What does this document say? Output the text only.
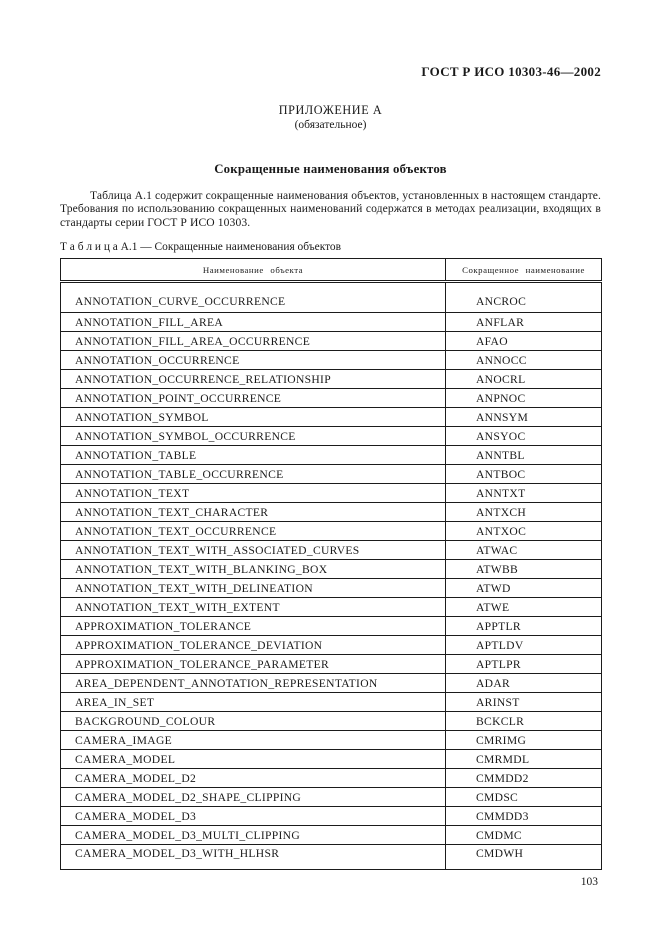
ГОСТ Р ИСО 10303-46—2002
ПРИЛОЖЕНИЕ А
(обязательное)
Сокращенные наименования объектов

Таблица А.1 содержит сокращенные наименования объектов, установленных в настоящем стандарте. Требования по использованию сокращенных наименований содержатся в методах реализации, входящих в стандарты серии ГОСТ Р ИСО 10303.

Т а б л и ц а А.1 — Сокращенные наименования объектов
Наименование объекта	Сокращенное наименование
ANNOTATION_CURVE_OCCURRENCE	ANCROC
ANNOTATION_FILL_AREA	ANFLAR
ANNOTATION_FILL_AREA_OCCURRENCE	AFAO
ANNOTATION_OCCURRENCE	ANNOCC
ANNOTATION_OCCURRENCE_RELATIONSHIP	ANOCRL
ANNOTATION_POINT_OCCURRENCE	ANPNOC
ANNOTATION_SYMBOL	ANNSYM
ANNOTATION_SYMBOL_OCCURRENCE	ANSYOC
ANNOTATION_TABLE	ANNTBL
ANNOTATION_TABLE_OCCURRENCE	ANTBOC
ANNOTATION_TEXT	ANNTXT
ANNOTATION_TEXT_CHARACTER	ANTXCH
ANNOTATION_TEXT_OCCURRENCE	ANTXOC
ANNOTATION_TEXT_WITH_ASSOCIATED_CURVES	ATWAC
ANNOTATION_TEXT_WITH_BLANKING_BOX	ATWBB
ANNOTATION_TEXT_WITH_DELINEATION	ATWD
ANNOTATION_TEXT_WITH_EXTENT	ATWE
APPROXIMATION_TOLERANCE	APPTLR
APPROXIMATION_TOLERANCE_DEVIATION	APTLDV
APPROXIMATION_TOLERANCE_PARAMETER	APTLPR
AREA_DEPENDENT_ANNOTATION_REPRESENTATION	ADAR
AREA_IN_SET	ARINST
BACKGROUND_COLOUR	BCKCLR
CAMERA_IMAGE	CMRIMG
CAMERA_MODEL	CMRMDL
CAMERA_MODEL_D2	CMMDD2
CAMERA_MODEL_D2_SHAPE_CLIPPING	CMDSC
CAMERA_MODEL_D3	CMMDD3
CAMERA_MODEL_D3_MULTI_CLIPPING	CMDMC
CAMERA_MODEL_D3_WITH_HLHSR	CMDWH
103
